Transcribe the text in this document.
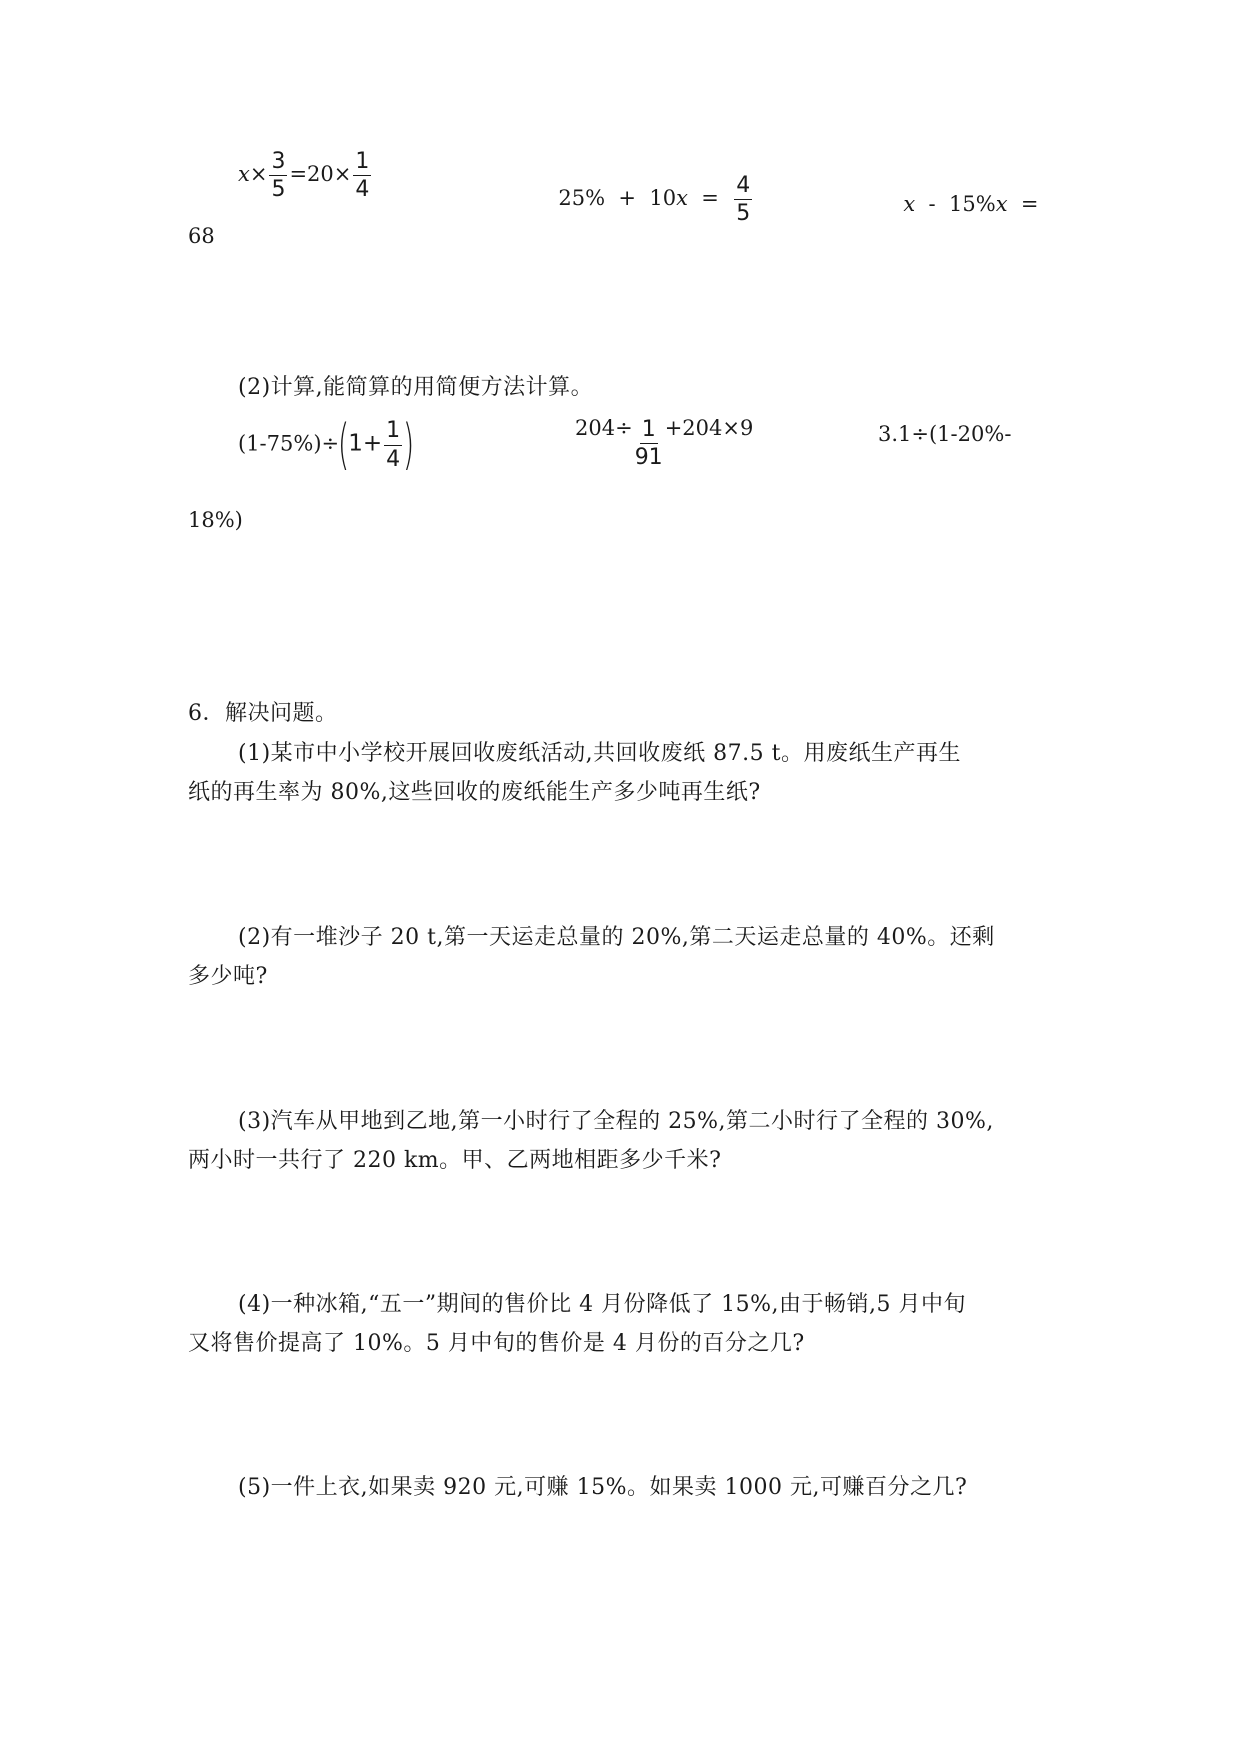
$x\times \frac{3}{5} =20\times \frac{1}{4}$	$25\% + 10x = \frac{4}{5}$	x  -  15%x  =

68
(2)计算,能简算的用简便方法计算。
$(1-75\%)\div(1+ \frac{1}{4}$ )	$204\div \frac{1}{91} +204\times 9$	3.1÷(1-20%-
18%)
6．解决问题。
(1)某市中小学校开展回收废纸活动,共回收废纸 87.5 t。用废纸生产再生
纸的再生率为 80%,这些回收的废纸能生产多少吨再生纸?
(2)有一堆沙子 20 t,第一天运走总量的 20%,第二天运走总量的 40%。还剩
多少吨?
(3)汽车从甲地到乙地,第一小时行了全程的 25%,第二小时行了全程的 30%,
两小时一共行了 220 km。甲、乙两地相距多少千米?
(4)一种冰箱,“五一”期间的售价比 4 月份降低了 15%,由于畅销,5 月中旬
又将售价提高了 10%。5 月中旬的售价是 4 月份的百分之几?
(5)一件上衣,如果卖 920 元,可赚 15%。如果卖 1000 元,可赚百分之几?
